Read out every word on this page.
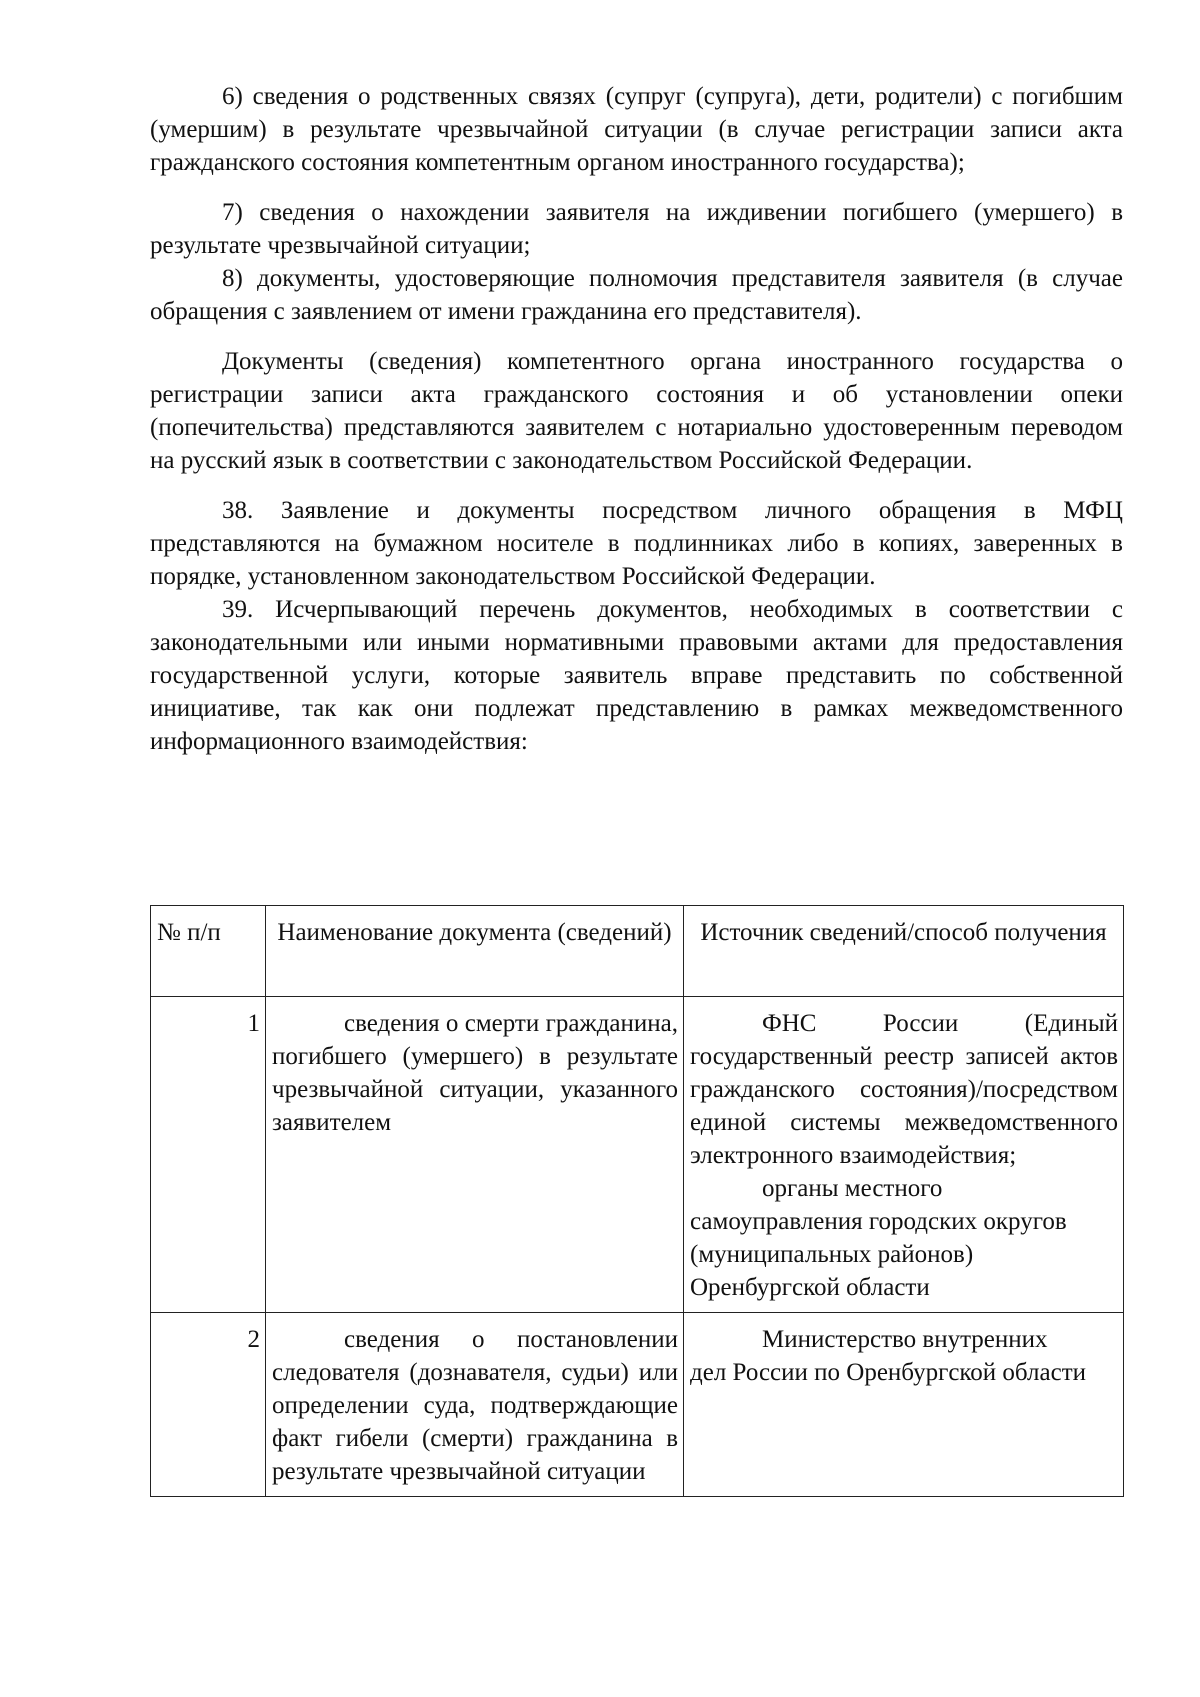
6) сведения о родственных связях (супруг (супруга), дети, родители) с погибшим (умершим) в результате чрезвычайной ситуации (в случае регистрации записи акта гражданского состояния компетентным органом иностранного государства);

7) сведения о нахождении заявителя на иждивении погибшего (умершего) в результате чрезвычайной ситуации;

8) документы, удостоверяющие полномочия представителя заявителя (в случае обращения с заявлением от имени гражданина его представителя).

Документы (сведения) компетентного органа иностранного государства о регистрации записи акта гражданского состояния и об установлении опеки (попечительства) представляются заявителем с нотариально удостоверенным переводом на русский язык в соответствии с законодательством Российской Федерации.

38. Заявление и документы посредством личного обращения в МФЦ представляются на бумажном носителе в подлинниках либо в копиях, заверенных в порядке, установленном законодательством Российской Федерации.

39. Исчерпывающий перечень документов, необходимых в соответствии с законодательными или иными нормативными правовыми актами для предоставления государственной услуги, которые заявитель вправе представить по собственной инициативе, так как они подлежат представлению в рамках межведомственного информационного взаимодействия:

№ п/п	Наименование документа (сведений)	Источник сведений/способ получения
1	сведения о смерти гражданина, погибшего (умершего) в результате чрезвычайной ситуации, указанного заявителем	ФНС России (Единый государственный реестр записей актов гражданского состояния)/посредством единой системы межведомственного электронного взаимодействия;
органы местного
самоуправления городских округов (муниципальных районов) Оренбургской области

2	сведения о постановлении следователя (дознавателя, судьи) или определении суда, подтверждающие факт гибели (смерти) гражданина в результате чрезвычайной ситуации	Министерство внутренних
дел России по Оренбургской области
